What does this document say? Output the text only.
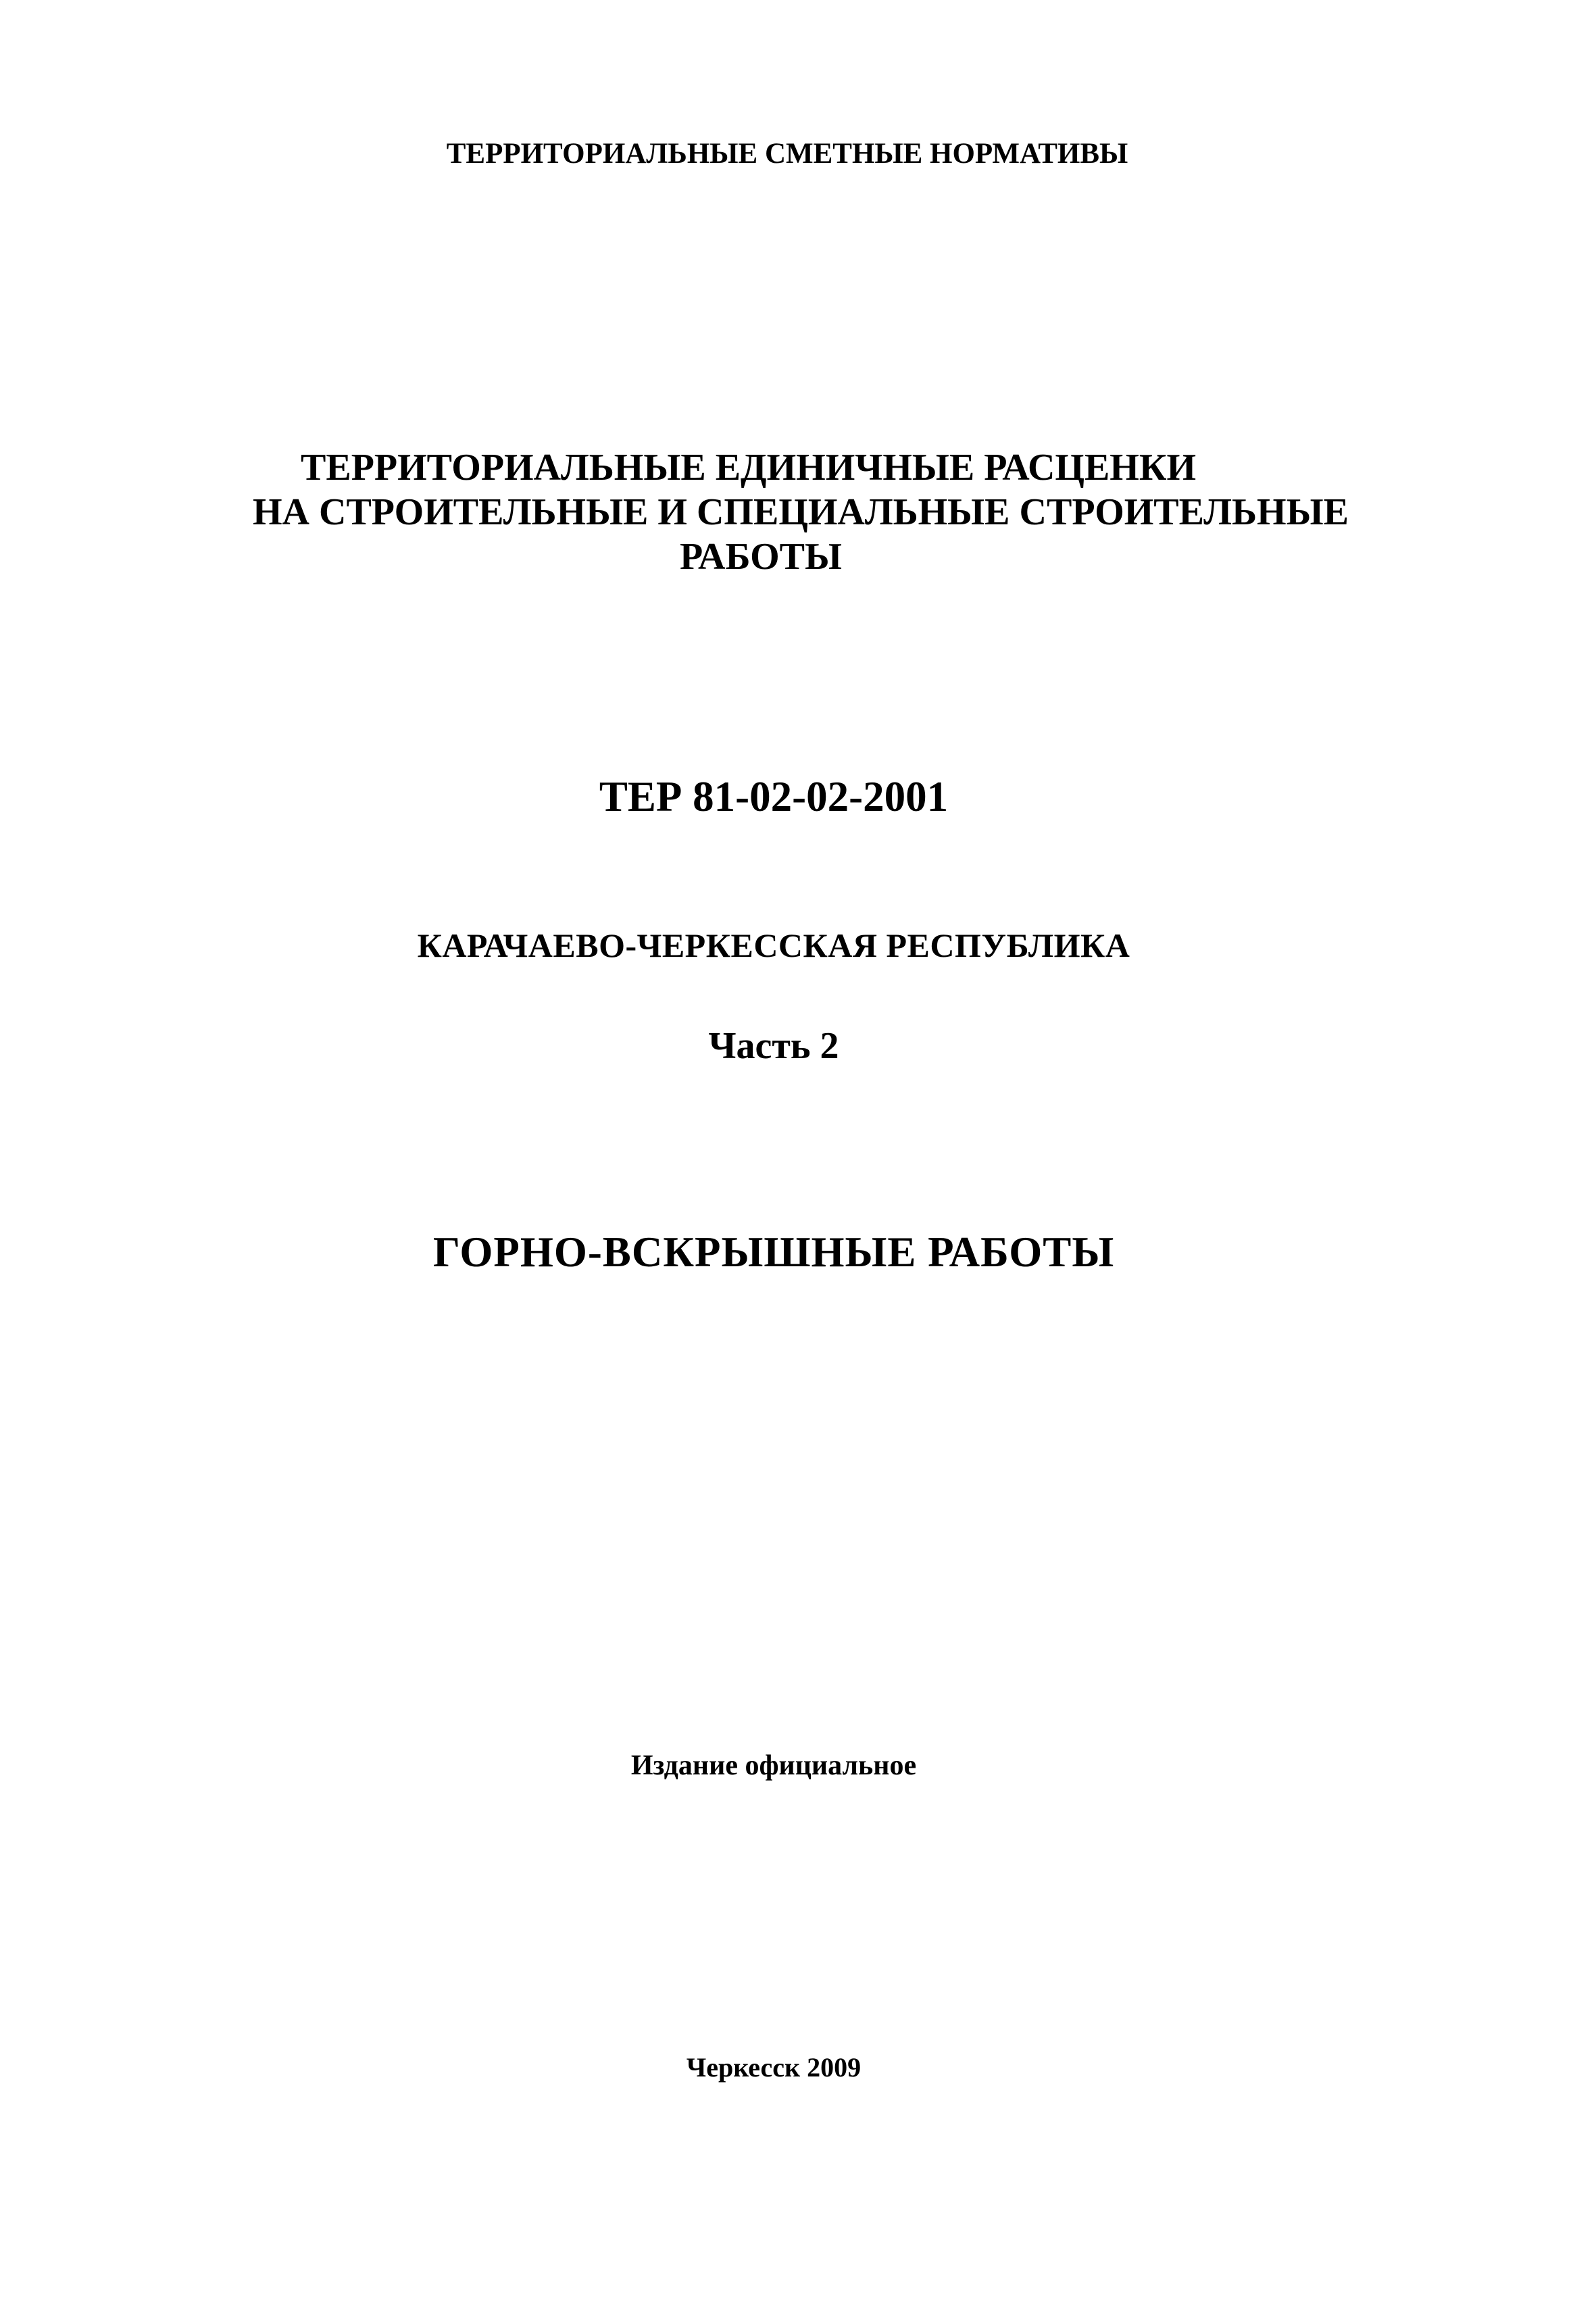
ТЕРРИТОРИАЛЬНЫЕ СМЕТНЫЕ НОРМАТИВЫ
ТЕРРИТОРИАЛЬНЫЕ ЕДИНИЧНЫЕ РАСЦЕНКИ
НА СТРОИТЕЛЬНЫЕ И СПЕЦИАЛЬНЫЕ СТРОИТЕЛЬНЫЕ
РАБОТЫ
ТЕР 81-02-02-2001
КАРАЧАЕВО-ЧЕРКЕССКАЯ РЕСПУБЛИКА
Часть 2
ГОРНО-ВСКРЫШНЫЕ РАБОТЫ
Издание официальное
Черкесск 2009
